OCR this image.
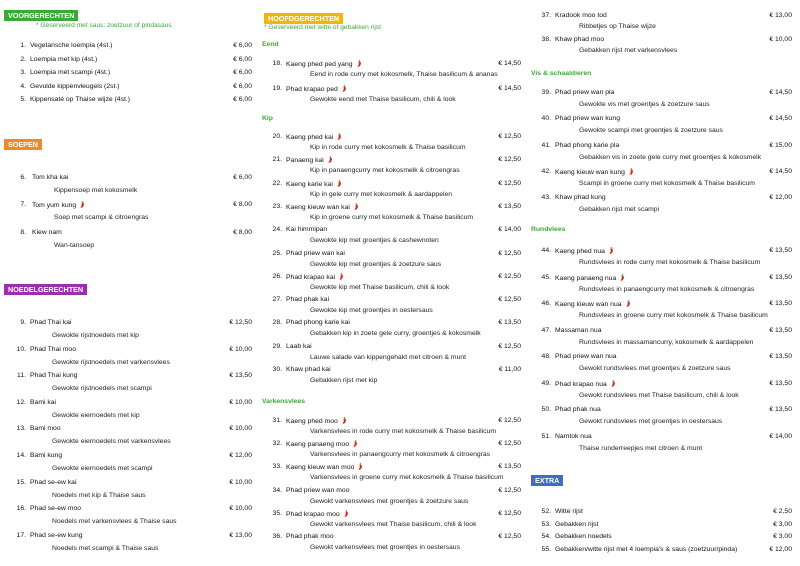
VOORGERECHTEN
* Geserveerd met saus: zoetzuur of pindasaus
1. Vegetarische loempia (4st.)	€ 6,00
2. Loempia met kip (4st.)	€ 6,00
3. Loempia met scampi (4st.)	€ 6,00
4. Gevulde kippenvleugels (2st.)	€ 6,00
5. Kippensaté op Thaise wijze (4st.)	€ 6,00
SOEPEN
6. Tom kha kai	€ 6,00
Kippensoep met kokosmelk
7. Tom yum kung	€ 8,00
Soep met scampi & citroengras
8. Kiew nam	€ 8,00
Wan-tansoep
NOEDELGERECHTEN
9. Phad Thai kai	€ 12,50
Gewokte rijstnoedels met kip
10. Phad Thai moo	€ 10,00
Gewokte rijstnoedels met varkensvlees
11. Phad Thai kung	€ 13,50
Gewokte rijstnoedels met scampi
12. Bami kai	€ 10,00
Gewokte eiernoedels met kip
13. Bami moo	€ 10,00
Gewokte eiernoedels met varkensvlees
14. Bami kung	€ 12,00
Gewokte eiernoedels met scampi
15. Phad se-ew kai	€ 10,00
Noedels met kip & Thaise saus
16. Phad se-ew moo	€ 10,00
Noedels met varkensvlees & Thaise saus
17. Phad se-ew kung	€ 13,00
Noedels met scampi & Thaise saus
HOOFDGERECHTEN
* Geserveerd met witte of gebakken rijst
Eend
18. Kaeng phed ped yang	€ 14,50
Eend in rode curry met kokosmelk, Thaise basilicum & ananas
19. Phad krapao ped	€ 14,50
Gewokte eend met Thaise basilicum, chili & look
Kip
20. Kaeng phed kai	€ 12,50
Kip in rode curry met kokosmelk & Thaise basilicum
21. Panaeng kai	€ 12,50
Kip in panaengcurry met kokosmelk & citroengras
22. Kaeng karie kai	€ 12,50
Kip in gele curry met kokosmelk & aardappelen
23. Kaeng kieuw wan kai	€ 13,50
Kip in groene curry met kokosmelk & Thaise basilicum
24. Kai himmipan	€ 14,00
Gewokte kip met groentjes & cashewnoten
25. Phad priew wan kai	€ 12,50
Gewokte kip met groentjes & zoetzure saus
26. Phad krapao kai	€ 12,50
Gewokte kip met Thaise basilicum, chili & look
27. Phad phak kai	€ 12,50
Gewokte kip met groentjes in oestersaus
28. Phad phong karie kai	€ 13,50
Gebakken kip in zoete gele curry, groentjes & kokosmelk
29. Laab kai	€ 12,50
Lauwe salade van kippengehakt met citroen & munt
30. Khaw phad kai	€ 11,00
Gebakken rijst met kip
Varkensvlees
31. Kaeng phed moo	€ 12,50
Varkensvlees in rode curry met kokosmelk & Thaise basilicum
32. Kaeng panaeng moo	€ 12,50
Varkensvlees in panaengcurry met kokosmelk & citroengras
33. Kaeng kieuw wan moo	€ 13,50
Varkensvlees in groene curry met kokosmelk & Thaise basilicum
34. Phad priew wan moo	€ 12,50
Gewokt varkensvlees met groentjes & zoetzure saus
35. Phad krapao moo	€ 12,50
Gewokt varkensvlees met Thaise basilicum, chili & look
36. Phad phak moo	€ 12,50
Gewokt varkensvlees met groentjes in oestersaus
37. Kradook moo tod	€ 13,00
Ribbetjes op Thaise wijze
38. Khaw phad moo	€ 10,00
Gebakken rijst met varkensvlees
Vis & schaaldieren
39. Phad priew wan pla	€ 14,50
Gewokte vis met groentjes & zoetzure saus
40. Phad priew wan kung	€ 14,50
Gewokte scampi met groentjes & zoetzure saus
41. Phad phong karie pla	€ 15,00
Gebakken vis in zoete gele curry met groentjes & kokosmelk
42. Kaeng kieuw wan kung	€ 14,50
Scampi in groene curry met kokosmelk & Thaise basilicum
43. Khaw phad kung	€ 12,00
Gebakken rijst met scampi
Rundvlees
44. Kaeng phed nua	€ 13,50
Rundsvlees in rode curry met kokosmelk & Thaise basilicum
45. Kaeng panaeng nua	€ 13,50
Rundsvlees in panaengcurry met kokosmelk & citroengras
46. Kaeng kieuw wan nua	€ 13,50
Rundsvlees in groene curry met kokosmelk & Thaise basilicum
47. Massaman nua	€ 13,50
Rundsvlees in massamancurry, kokosmelk & aardappelen
48. Phad priew wan nua	€ 13,50
Gewokt rundsvlees met groentjes & zoetzure saus
49. Phad krapao nua	€ 13,50
Gewokt rundsvlees met Thaise basilicum, chili & look
50. Phad phak nua	€ 13,50
Gewokt rundsvlees met groentjes in oestersaus
51. Namtok nua	€ 14,00
Thaise runderreepjes met citroen & munt
EXTRA
52. Witte rijst	€ 2,50
53. Gebakken rijst	€ 3,00
54. Gebakken noedels	€ 3,00
55. Gebakken/witte rijst met 4 loempia's & saus (zoetzuur/pinda)	€ 12,00
